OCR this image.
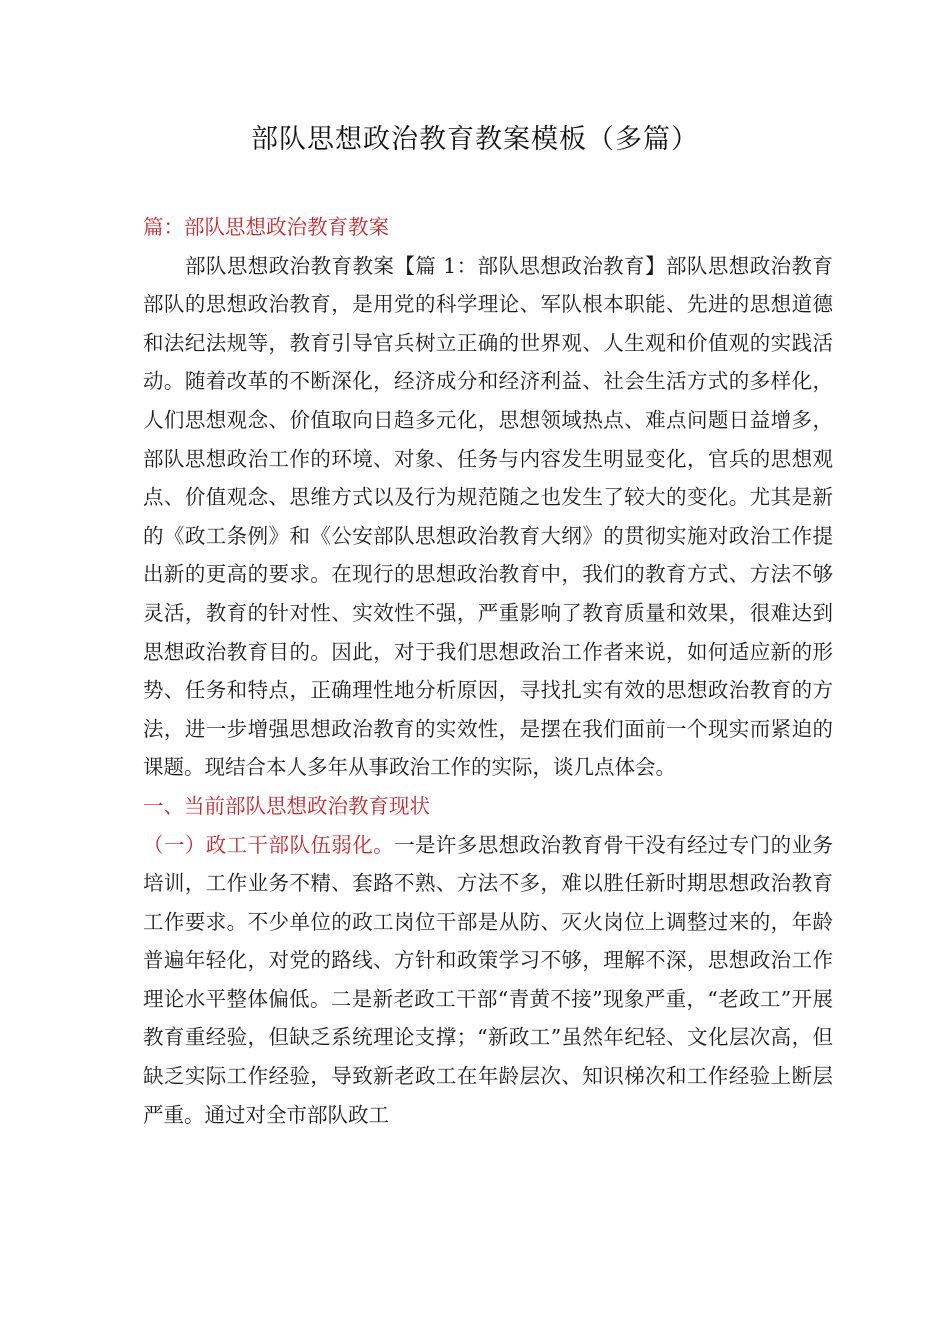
部队思想政治教育教案模板（多篇）
篇：部队思想政治教育教案

部队思想政治教育教案【篇 1：部队思想政治教育】部队思想政治教育部队的思想政治教育，是用党的科学理论、军队根本职能、先进的思想道德和法纪法规等，教育引导官兵树立正确的世界观、人生观和价值观的实践活动。随着改革的不断深化，经济成分和经济利益、社会生活方式的多样化，人们思想观念、价值取向日趋多元化，思想领域热点、难点问题日益增多，部队思想政治工作的环境、对象、任务与内容发生明显变化，官兵的思想观点、价值观念、思维方式以及行为规范随之也发生了较大的变化。尤其是新的《政工条例》和《公安部队思想政治教育大纲》的贯彻实施对政治工作提出新的更高的要求。在现行的思想政治教育中，我们的教育方式、方法不够灵活，教育的针对性、实效性不强，严重影响了教育质量和效果，很难达到思想政治教育目的。因此，对于我们思想政治工作者来说，如何适应新的形势、任务和特点，正确理性地分析原因，寻找扎实有效的思想政治教育的方法，进一步增强思想政治教育的实效性，是摆在我们面前一个现实而紧迫的课题。现结合本人多年从事政治工作的实际，谈几点体会。

一、当前部队思想政治教育现状

（一）政工干部队伍弱化。一是许多思想政治教育骨干没有经过专门的业务培训，工作业务不精、套路不熟、方法不多，难以胜任新时期思想政治教育工作要求。不少单位的政工岗位干部是从防、灭火岗位上调整过来的，年龄普遍年轻化，对党的路线、方针和政策学习不够，理解不深，思想政治工作理论水平整体偏低。二是新老政工干部“青黄不接”现象严重，“老政工”开展教育重经验，但缺乏系统理论支撑；“新政工”虽然年纪轻、文化层次高，但缺乏实际工作经验，导致新老政工在年龄层次、知识梯次和工作经验上断层严重。通过对全市部队政工
